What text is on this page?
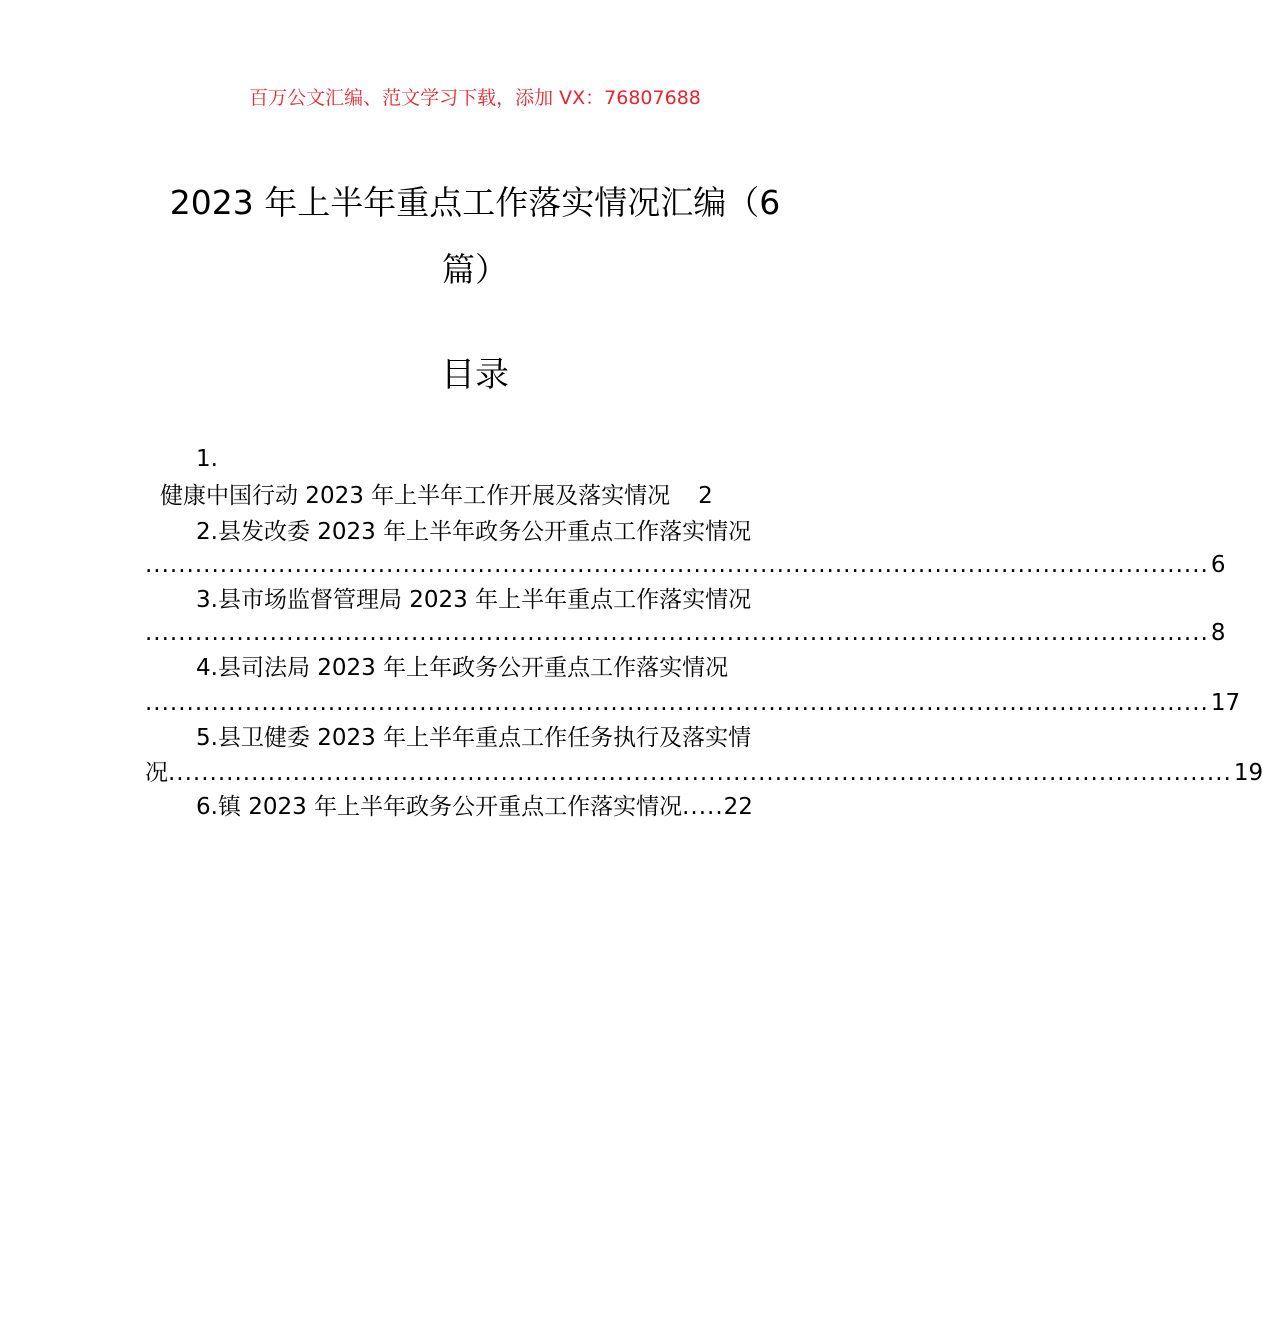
百万公文汇编、范文学习下载，添加 VX：76807688
2023 年上半年重点工作落实情况汇编（6
篇）
目录
1.
健康中国行动 2023 年上半年工作开展及落实情况 2
2.县发改委 2023 年上半年政务公开重点工作落实情况
................................................................................................................................ 6
3.县市场监督管理局 2023 年上半年重点工作落实情况
................................................................................................................................ 8
4.县司法局 2023 年上年政务公开重点工作落实情况
................................................................................................................................ 17
5.县卫健委 2023 年上半年重点工作任务执行及落实情
况 ................................................................................................................................ 19
6.镇 2023 年上半年政务公开重点工作落实情况.....22
